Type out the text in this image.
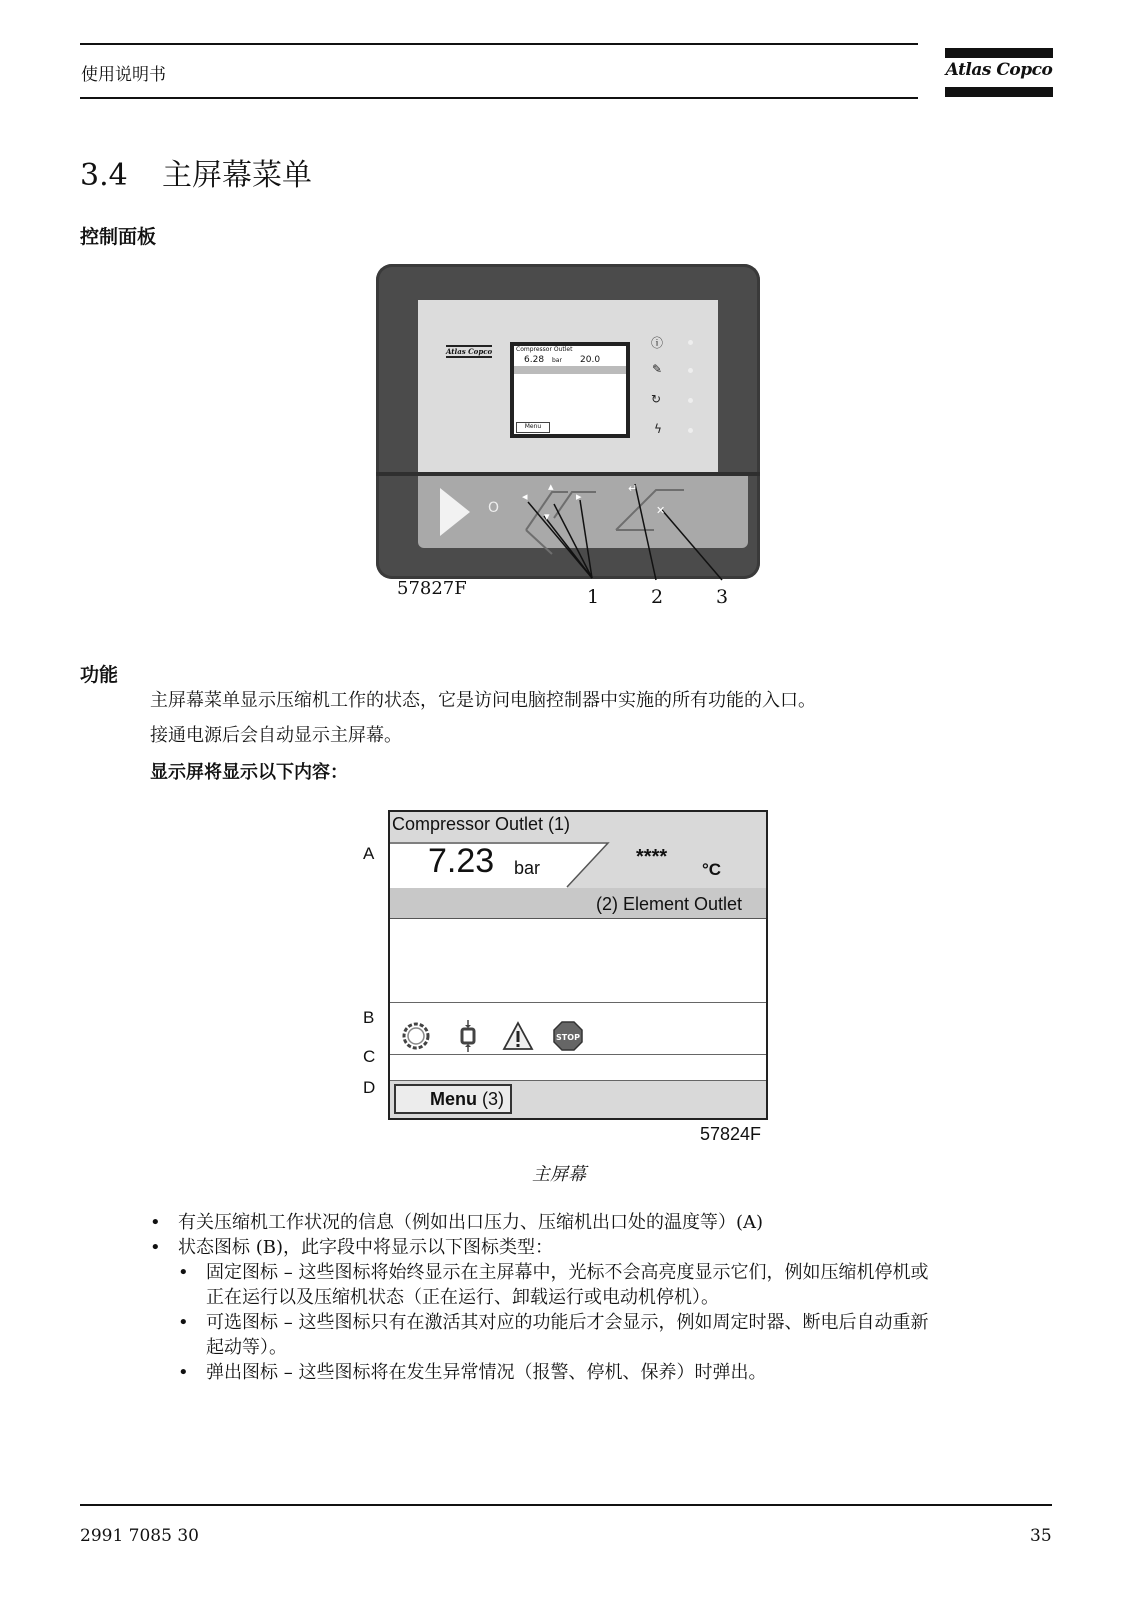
使用说明书	Atlas Copco
3.4 主屏幕菜单
控制面板
Atlas Copco	Compressor Outlet
6.28	20.0
bar
Menu
ⓘ
✎
↻
ϟ
O
◂
▴
▸
▾
↵
✕
57827F	1	2	3
功能
主屏幕菜单显示压缩机工作的状态，它是访问电脑控制器中实施的所有功能的入口。
接通电源后会自动显示主屏幕。
显示屏将显示以下内容：
A
B
C
D
Compressor Outlet (1)
7.23 bar	****
°C
(2) Element Outlet
Menu (3)
STOP
57824F
主屏幕
• 有关压缩机工作状况的信息（例如出口压力、压缩机出口处的温度等）(A)
• 状态图标 (B)，此字段中将显示以下图标类型：
• 固定图标 – 这些图标将始终显示在主屏幕中，光标不会高亮度显示它们，例如压缩机停机或
正在运行以及压缩机状态（正在运行、卸载运行或电动机停机）。
• 可选图标 – 这些图标只有在激活其对应的功能后才会显示，例如周定时器、断电后自动重新
起动等）。
• 弹出图标 – 这些图标将在发生异常情况（报警、停机、保养）时弹出。
2991 7085 30	35
